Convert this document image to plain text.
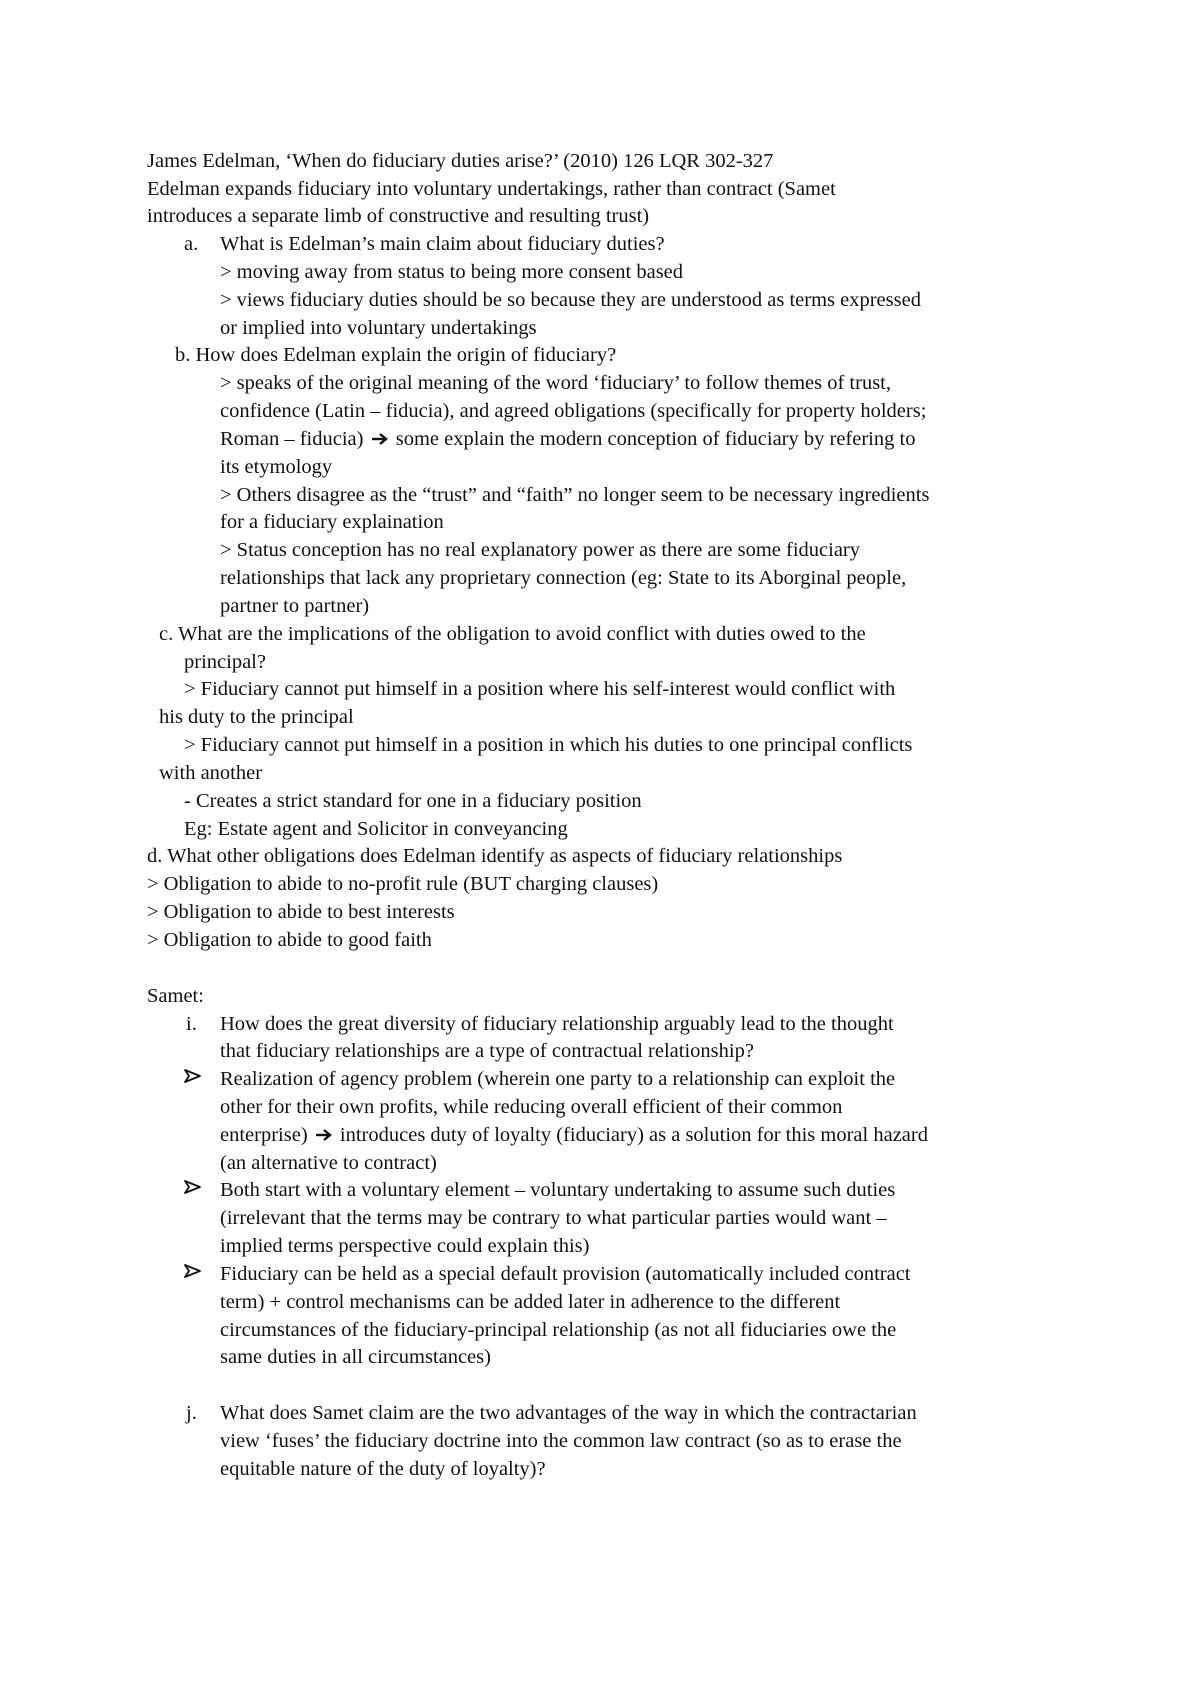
James Edelman, ‘When do fiduciary duties arise?’ (2010) 126 LQR 302-327
Edelman expands fiduciary into voluntary undertakings, rather than contract (Samet
introduces a separate limb of constructive and resulting trust)
a. What is Edelman’s main claim about fiduciary duties?
> moving away from status to being more consent based
> views fiduciary duties should be so because they are understood as terms expressed
or implied into voluntary undertakings
b. How does Edelman explain the origin of fiduciary?
> speaks of the original meaning of the word ‘fiduciary’ to follow themes of trust,
confidence (Latin – fiducia), and agreed obligations (specifically for property holders;
Roman – fiducia) some explain the modern conception of fiduciary by refering to
its etymology
> Others disagree as the “trust” and “faith” no longer seem to be necessary ingredients
for a fiduciary explaination
> Status conception has no real explanatory power as there are some fiduciary
relationships that lack any proprietary connection (eg: State to its Aborginal people,
partner to partner)
c. What are the implications of the obligation to avoid conflict with duties owed to the
principal?
> Fiduciary cannot put himself in a position where his self-interest would conflict with
his duty to the principal
> Fiduciary cannot put himself in a position in which his duties to one principal conflicts
with another
- Creates a strict standard for one in a fiduciary position
Eg: Estate agent and Solicitor in conveyancing
d. What other obligations does Edelman identify as aspects of fiduciary relationships
> Obligation to abide to no-profit rule (BUT charging clauses)
> Obligation to abide to best interests
> Obligation to abide to good faith
Samet:
i. How does the great diversity of fiduciary relationship arguably lead to the thought
that fiduciary relationships are a type of contractual relationship?
Realization of agency problem (wherein one party to a relationship can exploit the
other for their own profits, while reducing overall efficient of their common
enterprise) introduces duty of loyalty (fiduciary) as a solution for this moral hazard
(an alternative to contract)
Both start with a voluntary element – voluntary undertaking to assume such duties
(irrelevant that the terms may be contrary to what particular parties would want –
implied terms perspective could explain this)
Fiduciary can be held as a special default provision (automatically included contract
term) + control mechanisms can be added later in adherence to the different
circumstances of the fiduciary-principal relationship (as not all fiduciaries owe the
same duties in all circumstances)
j. What does Samet claim are the two advantages of the way in which the contractarian
view ‘fuses’ the fiduciary doctrine into the common law contract (so as to erase the
equitable nature of the duty of loyalty)?
